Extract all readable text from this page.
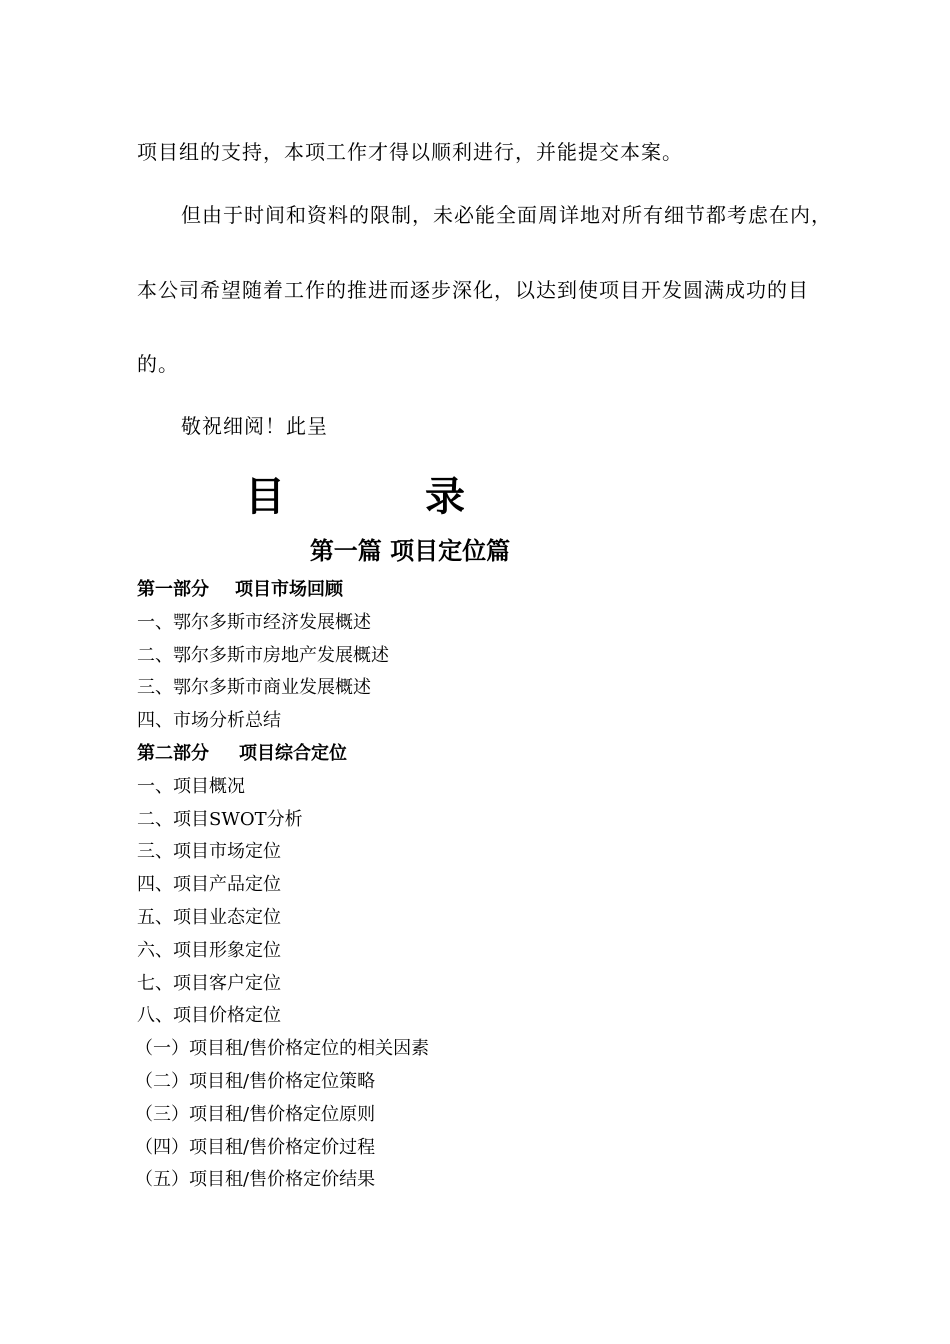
项目组的支持，本项工作才得以顺利进行，并能提交本案。
但由于时间和资料的限制，未必能全面周详地对所有细节都考虑在内，
本公司希望随着工作的推进而逐步深化，以达到使项目开发圆满成功的目
的。
敬祝细阅！此呈
目	录
第一篇 项目定位篇
第一部分 项目市场回顾
一、鄂尔多斯市经济发展概述
二、鄂尔多斯市房地产发展概述
三、鄂尔多斯市商业发展概述
四、市场分析总结
第二部分 项目综合定位
一、项目概况
二、项目SWOT分析
三、项目市场定位
四、项目产品定位
五、项目业态定位
六、项目形象定位
七、项目客户定位
八、项目价格定位
（一）项目租/售价格定位的相关因素
（二）项目租/售价格定位策略
（三）项目租/售价格定位原则
（四）项目租/售价格定价过程
（五）项目租/售价格定价结果
